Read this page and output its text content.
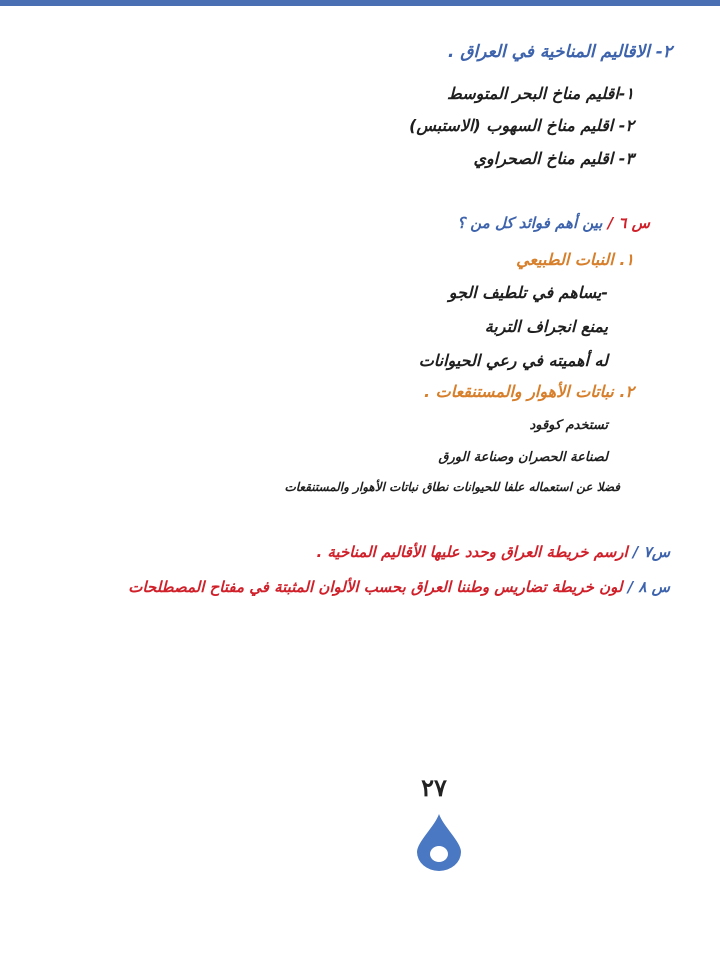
٢- الاقاليم المناخية في العراق .
١-اقليم مناخ البحر المتوسط
٢- اقليم مناخ السهوب (الاستبس)
٣- اقليم مناخ الصحراوي
س ٦ / بين أهم فوائد كل من ؟
١. النبات الطبيعي
-يساهم في تلطيف الجو
يمنع انجراف التربة
له أهميته في رعي الحيوانات
٢. نباتات الأهوار والمستنقعات .
تستخدم كوقود
لصناعة الحصران وصناعة الورق
فضلا عن استعماله علفا للحيوانات نطاق نباتات الأهوار والمستنقعات
س٧ / ارسم خريطة العراق وحدد عليها الأقاليم المناخية .
س ٨ / لون خريطة تضاريس وطننا العراق بحسب الألوان المثبتة في مفتاح المصطلحات
٢٧
